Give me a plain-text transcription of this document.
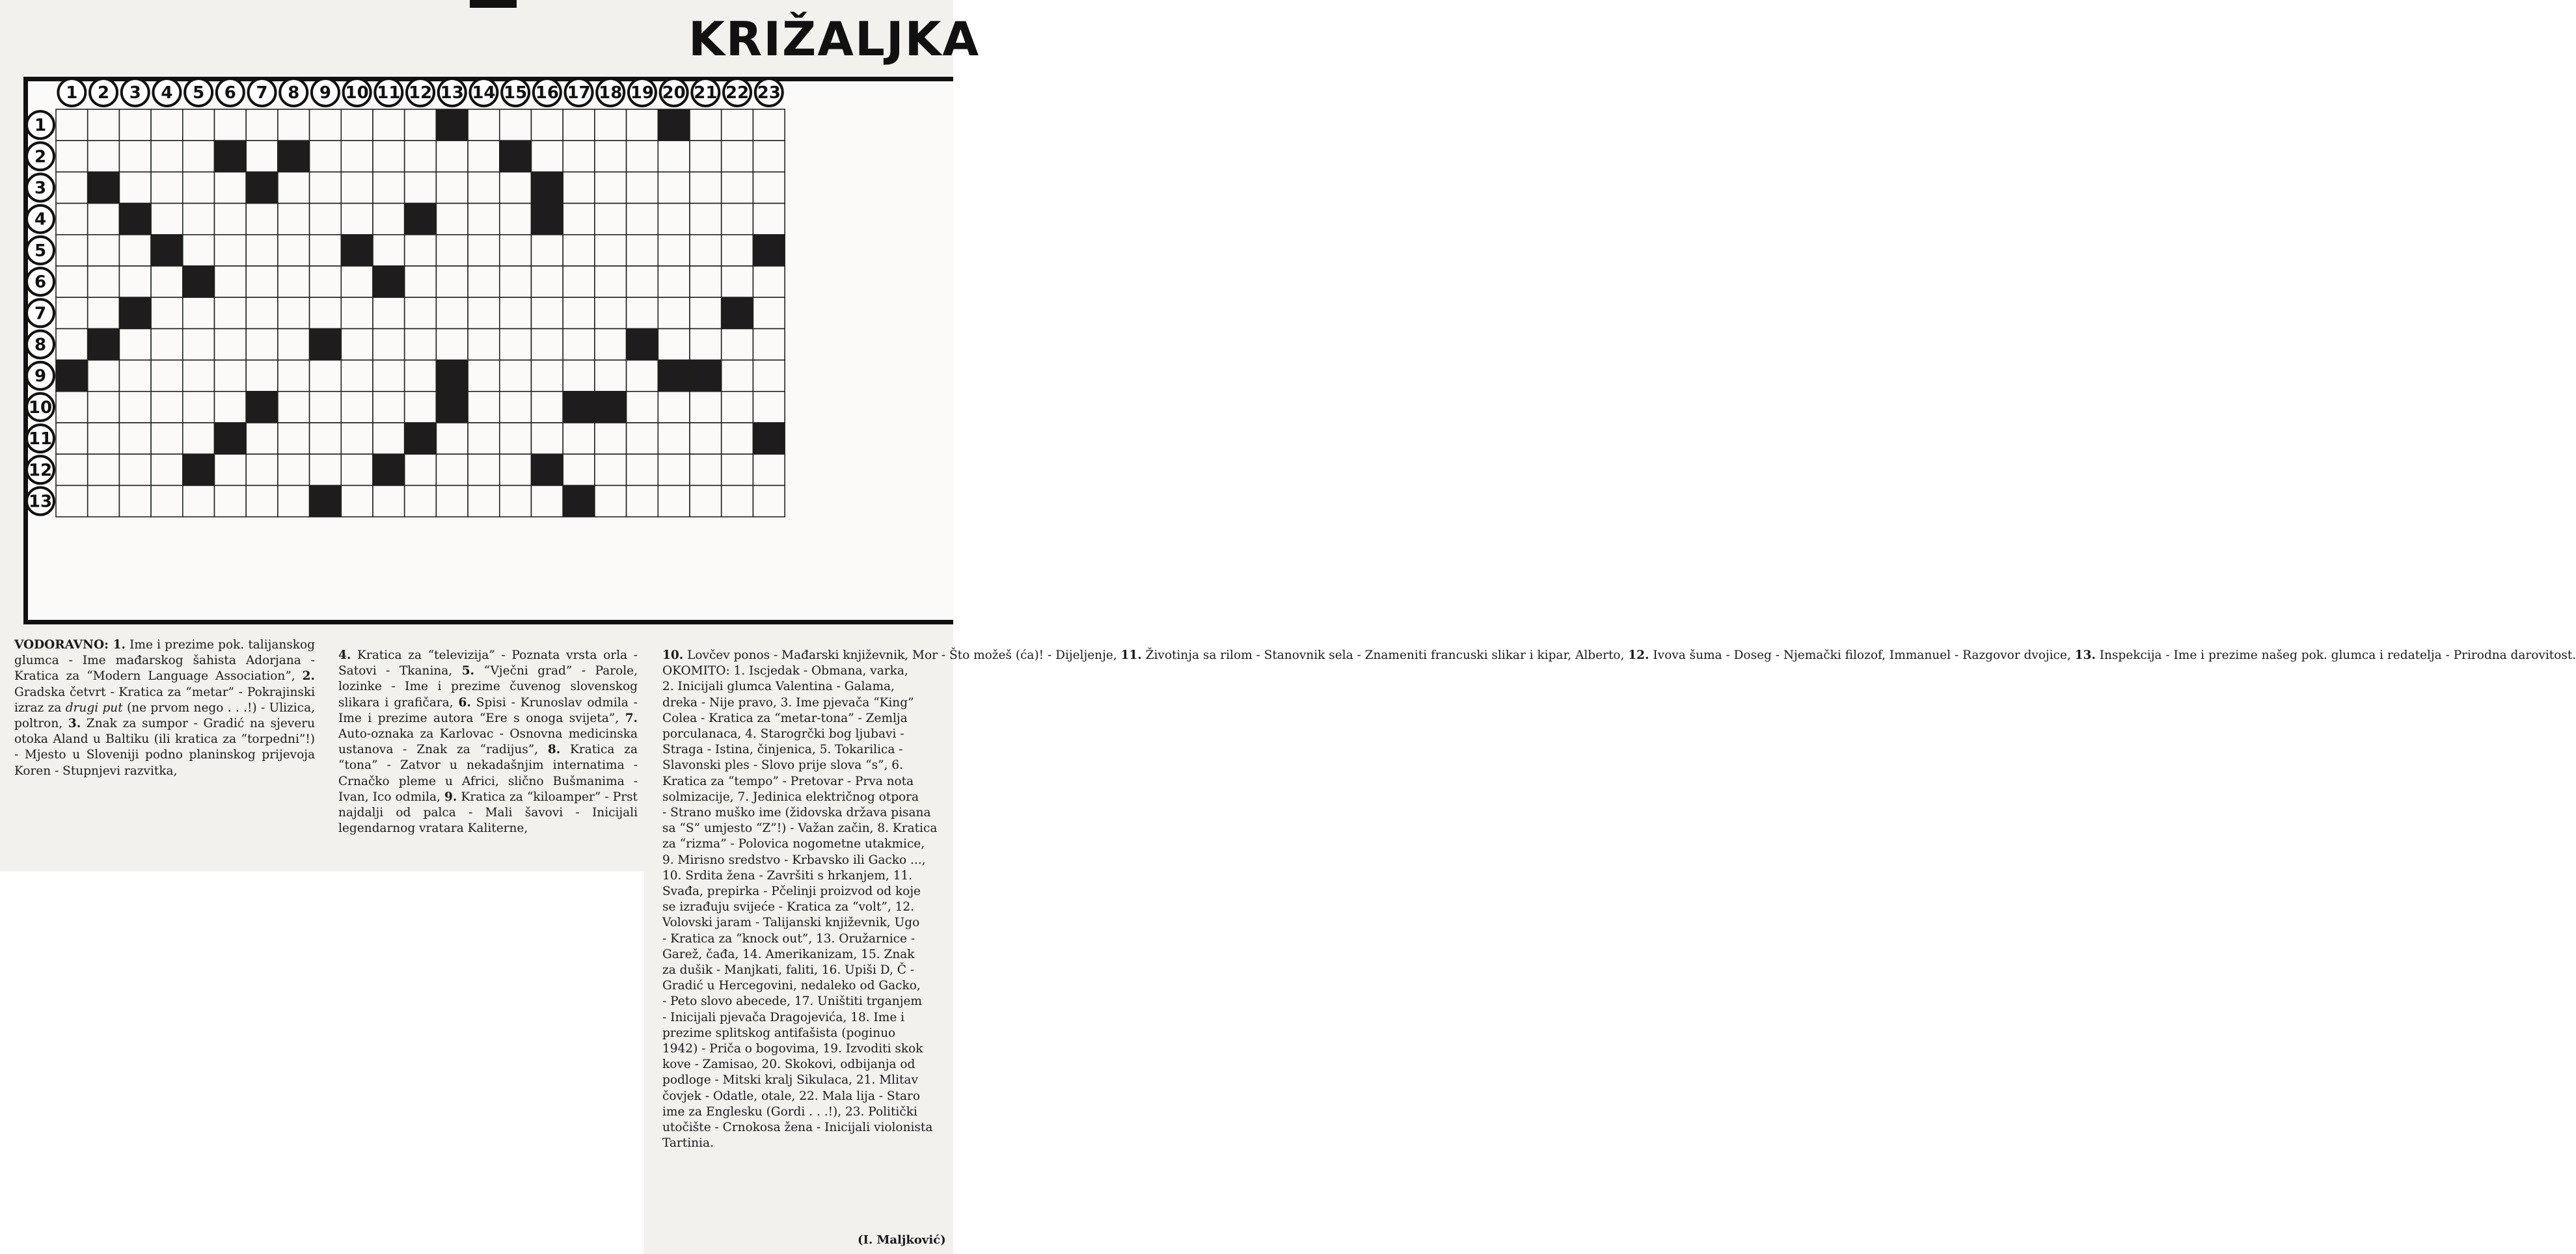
KRIŽALJKA
1 2 3 4 5 6 7 8 9 10 11 12 13 14 15 16 17 18 19 20 21 22 23
1
2
3
4
5
6
7
8
9
10
11
12
13
VODORAVNO: 1. Ime i prezime pok. talijanskog glumca - Ime mađarskog šahista Adorjana - Kratica za “Modern Language Association”, 2. Gradska četvrt - Kratica za “metar” - Pokrajinski izraz za drugi put (ne prvom nego . . .!) - Ulizica, poltron, 3. Znak za sumpor - Gradić na sjeveru otoka Aland u Baltiku (ili kratica za “torpedni”!) - Mjesto u Sloveniji podno planinskog prijevoja Koren - Stupnjevi razvitka,
4. Kratica za “televizija” - Poznata vrsta orla - Satovi - Tkanina, 5. “Vječni grad” - Parole, lozinke - Ime i prezime čuvenog slovenskog slikara i grafičara, 6. Spisi - Krunoslav odmila - Ime i prezime autora “Ere s onoga svijeta”, 7. Auto-oznaka za Karlovac - Osnovna medicinska ustanova - Znak za “radijus”, 8. Kratica za “tona” - Zatvor u nekadašnjim internatima - Crnačko pleme u Africi, slično Bušmanima - Ivan, Ico odmila, 9. Kratica za “kiloamper” - Prst najdalji od palca - Mali šavovi - Inicijali legendarnog vratara Kaliterne,
10. Lovčev ponos - Mađarski književnik, Mor - Što možeš (ća)! - Dijeljenje, 11. Životinja sa rilom - Stanovnik sela - Znameniti francuski slikar i kipar, Alberto, 12. Ivova šuma - Doseg - Njemački filozof, Immanuel - Razgovor dvojice, 13. Inspekcija - Ime i prezime našeg pok. glumca i redatelja - Prirodna darovitost.
OKOMITO: 1. Iscjedak - Obmana, varka,
2. Inicijali glumca Valentina - Galama,
dreka - Nije pravo, 3. Ime pjevača “King”
Colea - Kratica za “metar-tona” - Zemlja
porculanaca, 4. Starogrčki bog ljubavi -
Straga - Istina, činjenica, 5. Tokarilica -
Slavonski ples - Slovo prije slova “s”, 6.
Kratica za “tempo” - Pretovar - Prva nota
solmizacije, 7. Jedinica električnog otpora
- Strano muško ime (židovska država pisana
sa “S” umjesto “Z”!) - Važan začin, 8. Kratica
za “rizma” - Polovica nogometne utakmice,
9. Mirisno sredstvo - Krbavsko ili Gacko ...,
10. Srdita žena - Završiti s hrkanjem, 11.
Svađa, prepirka - Pčelinji proizvod od koje
se izrađuju svijeće - Kratica za “volt”, 12.
Volovski jaram - Talijanski književnik, Ugo
- Kratica za “knock out”, 13. Oružarnice -
Garež, čađa, 14. Amerikanizam, 15. Znak
za dušik - Manjkati, faliti, 16. Upiši D, Č -
Gradić u Hercegovini, nedaleko od Gacko,
- Peto slovo abecede, 17. Uništiti trganjem
- Inicijali pjevača Dragojevića, 18. Ime i
prezime splitskog antifašista (poginuo
1942) - Priča o bogovima, 19. Izvoditi skok
kove - Zamisao, 20. Skokovi, odbijanja od
podloge - Mitski kralj Sikulaca, 21. Mlitav
čovjek - Odatle, otale, 22. Mala lija - Staro
ime za Englesku (Gordi . . .!), 23. Politički
utočište - Crnokosa žena - Inicijali violonista
Tartinia.
(I. Maljković)
